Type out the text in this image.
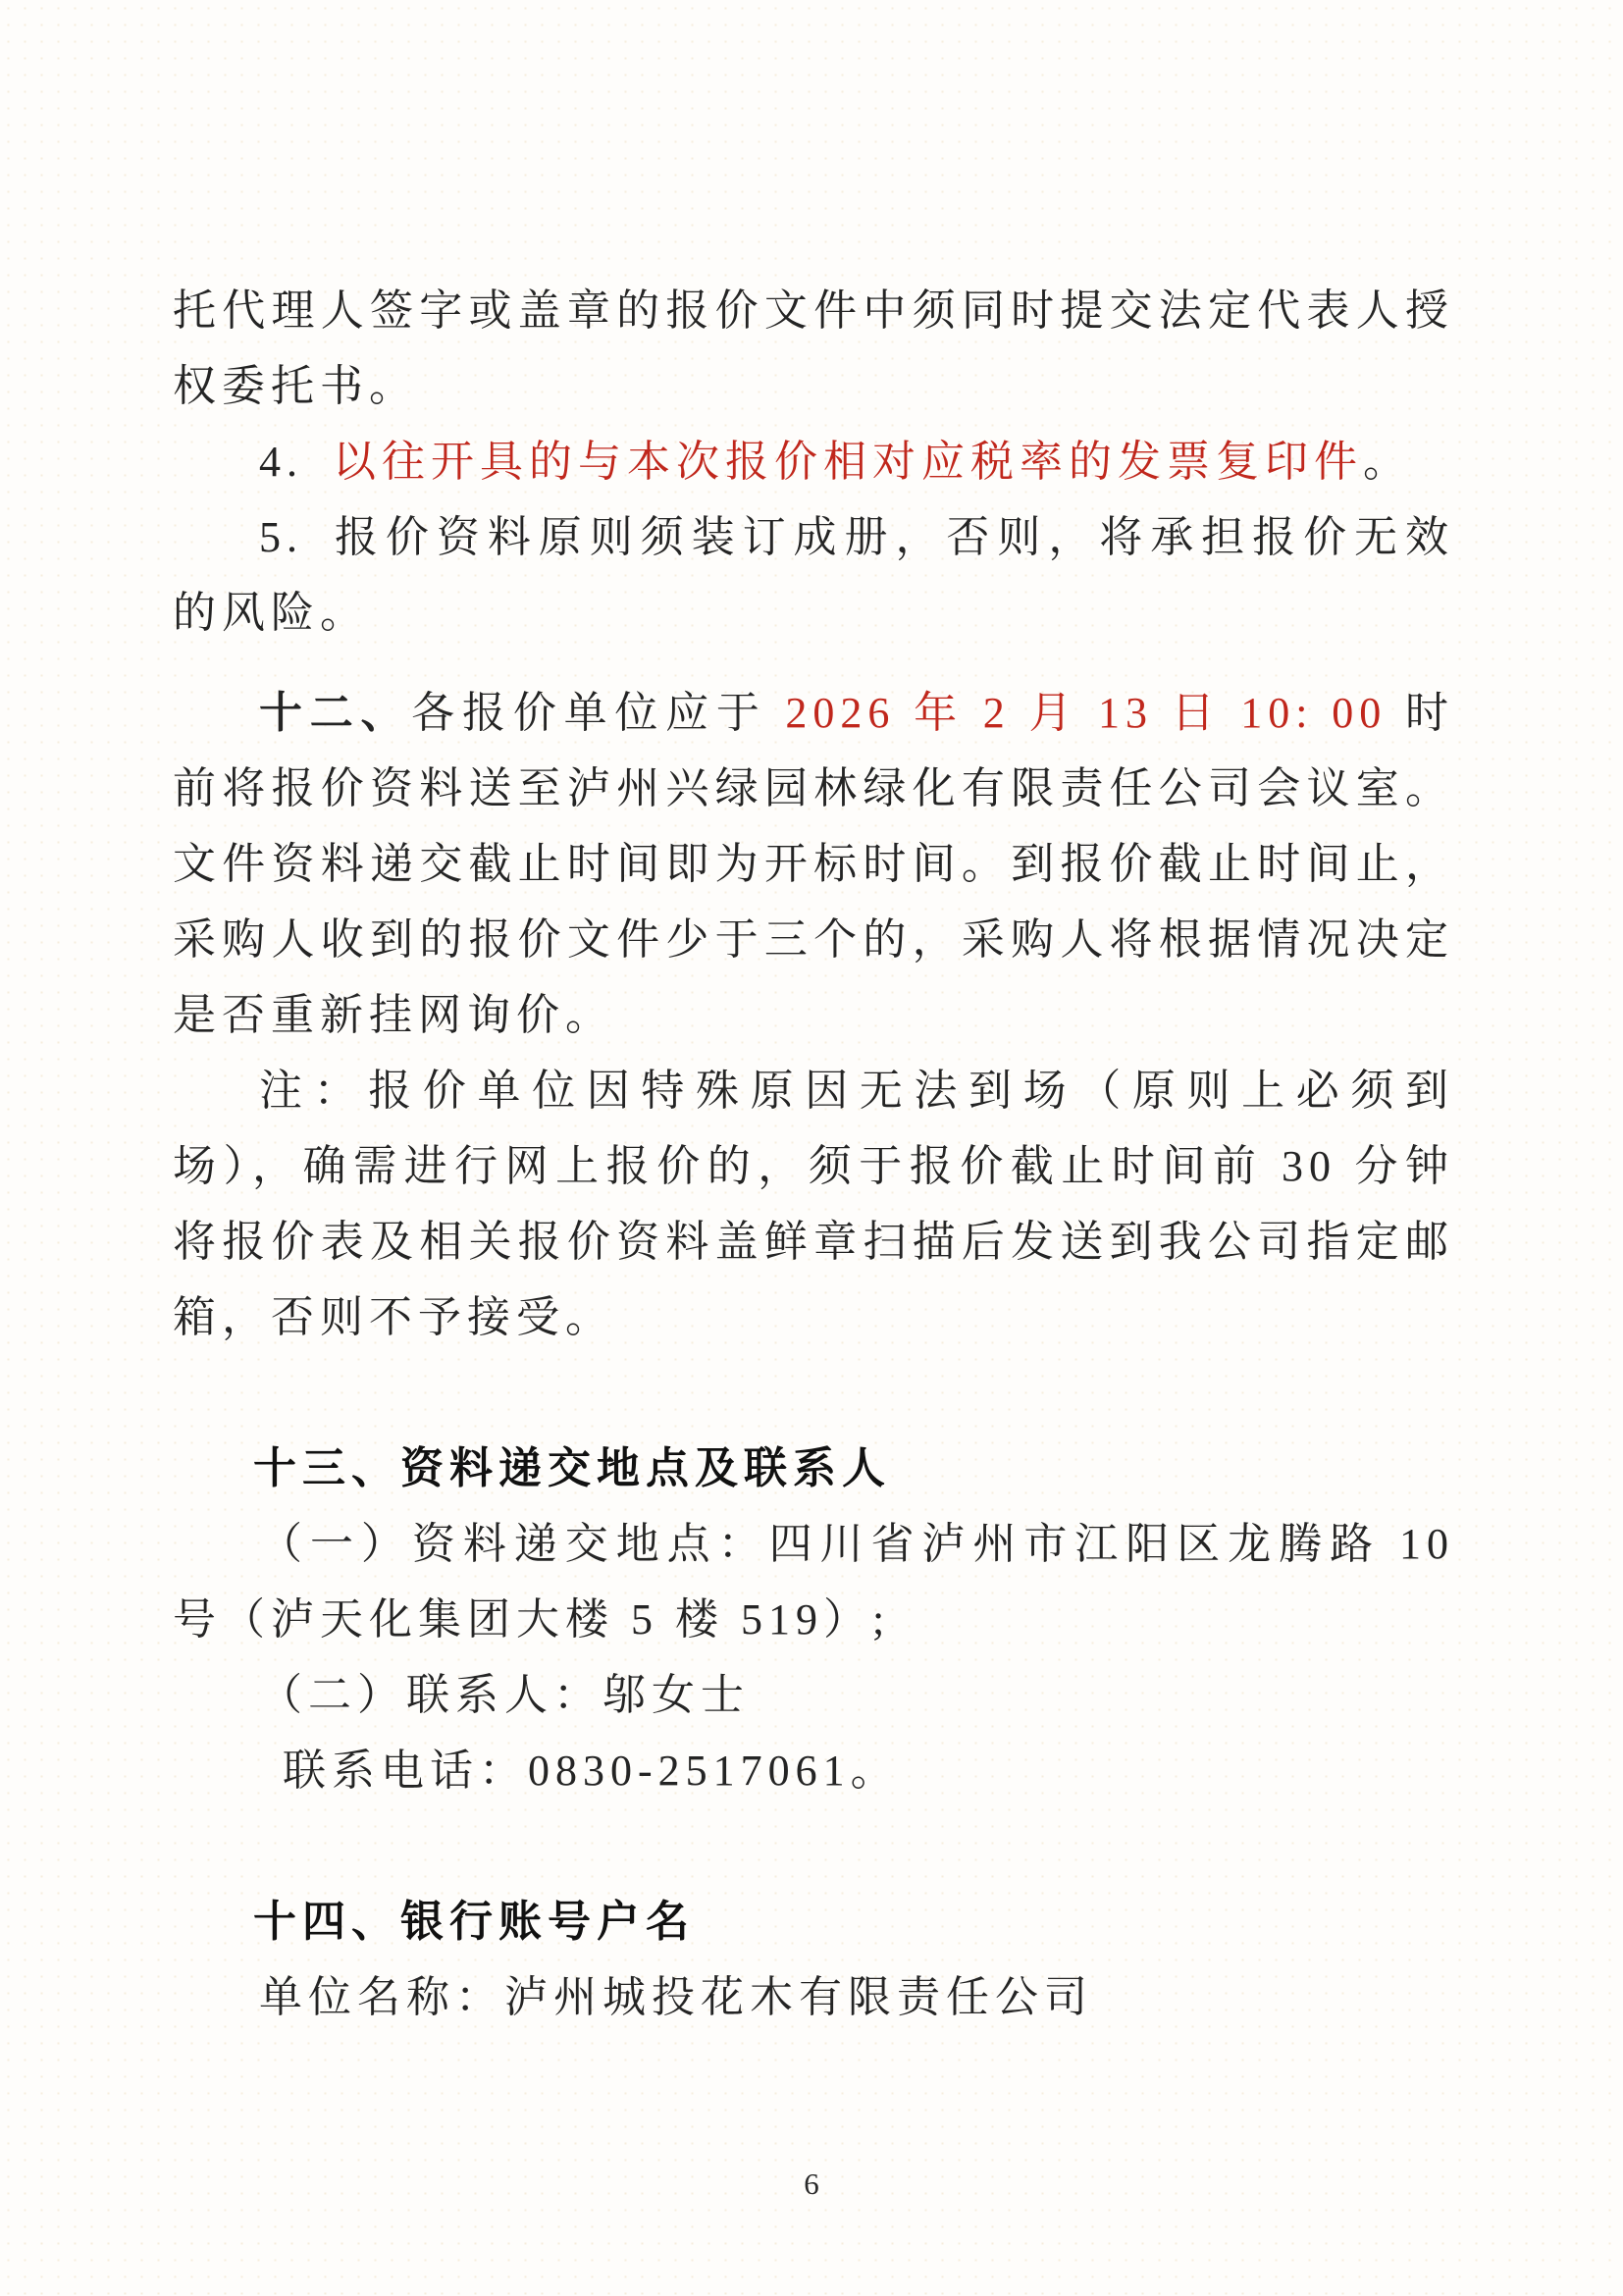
托代理人签字或盖章的报价文件中须同时提交法定代表人授权委托书。

4. 以往开具的与本次报价相对应税率的发票复印件。

5. 报价资料原则须装订成册，否则，将承担报价无效的风险。

十二、各报价单位应于 2026 年 2 月 13 日 10: 00 时前将报价资料送至泸州兴绿园林绿化有限责任公司会议室。文件资料递交截止时间即为开标时间。到报价截止时间止，采购人收到的报价文件少于三个的，采购人将根据情况决定是否重新挂网询价。

注：报价单位因特殊原因无法到场（原则上必须到场），确需进行网上报价的，须于报价截止时间前 30 分钟将报价表及相关报价资料盖鲜章扫描后发送到我公司指定邮箱，否则不予接受。

十三、资料递交地点及联系人

（一）资料递交地点：四川省泸州市江阳区龙腾路 10 号（泸天化集团大楼 5 楼 519）;

（二）联系人：邬女士

联系电话：0830-2517061。

十四、银行账号户名

单位名称：泸州城投花木有限责任公司

6
